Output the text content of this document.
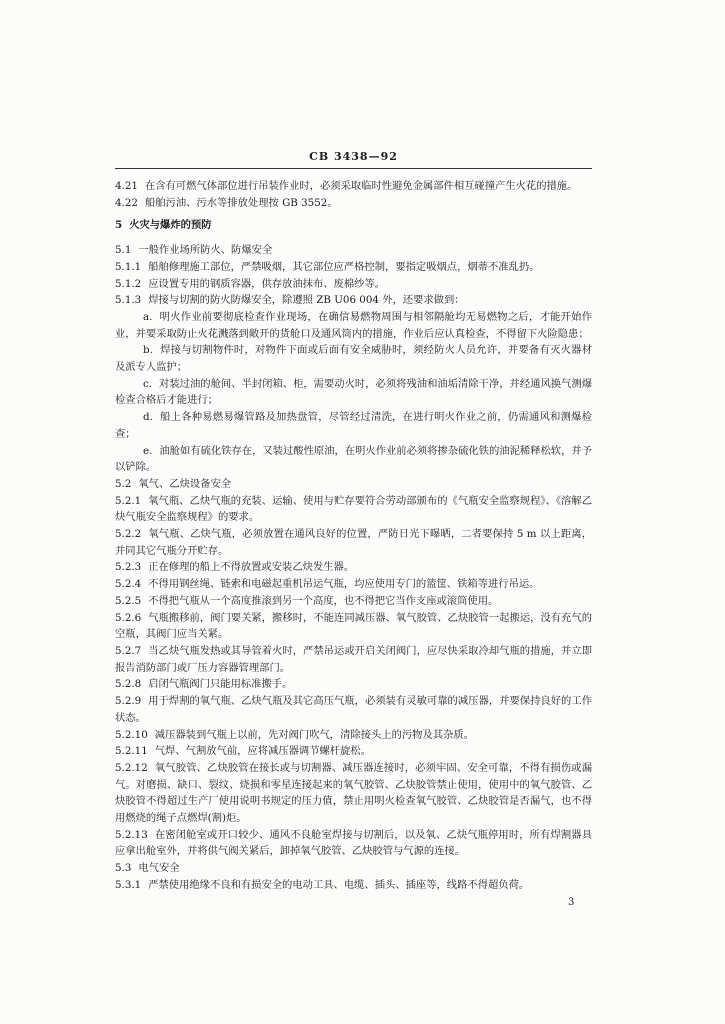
CB 3438—92

4.21 在含有可燃气体部位进行吊装作业时，必须采取临时性避免金属部件相互碰撞产生火花的措施。

4.22 船舶污油、污水等排放处理按 GB 3552。

5 火灾与爆炸的预防

5.1 一般作业场所防火、防爆安全

5.1.1 船舶修理施工部位，严禁吸烟，其它部位应严格控制，要指定吸烟点，烟蒂不准乱扔。

5.1.2 应设置专用的钢质容器，供存放油抹布、废棉纱等。

5.1.3 焊接与切割的防火防爆安全，除遵照 ZB U06 004 外，还要求做到：

a. 明火作业前要彻底检查作业现场，在确信易燃物周围与相邻隔舱均无易燃物之后，才能开始作业，并要采取防止火花溅落到敞开的货舱口及通风筒内的措施，作业后应认真检查，不得留下火险隐患；

b. 焊接与切割物件时，对物件下面或后面有安全威胁时，须经防火人员允许，并要备有灭火器材及派专人监护；

c. 对装过油的舱间、半封闭箱、柜，需要动火时，必须将残油和油垢清除干净，并经通风换气测爆检查合格后才能进行；

d. 船上各种易燃易爆管路及加热盘管，尽管经过清洗，在进行明火作业之前，仍需通风和测爆检查；

e. 油舱如有硫化铁存在，又装过酸性原油，在明火作业前必须将掺杂硫化铁的油泥稀释松软，并予以铲除。

5.2 氧气、乙炔设备安全

5.2.1 氧气瓶、乙炔气瓶的充装、运输、使用与贮存要符合劳动部颁布的《气瓶安全监察规程》、《溶解乙炔气瓶安全监察规程》的要求。

5.2.2 氧气瓶、乙炔气瓶，必须放置在通风良好的位置，严防日光下曝晒，二者要保持 5 m 以上距离，并同其它气瓶分开贮存。

5.2.3 正在修理的船上不得放置或安装乙炔发生器。

5.2.4 不得用钢丝绳、链索和电磁起重机吊运气瓶，均应使用专门的篮筐、铁箱等进行吊运。

5.2.5 不得把气瓶从一个高度推滚到另一个高度，也不得把它当作支座或滚筒使用。

5.2.6 气瓶搬移前，阀门要关紧，搬移时，不能连同减压器、氧气胶管、乙炔胶管一起搬运，没有充气的空瓶，其阀门应当关紧。

5.2.7 当乙炔气瓶发热或其导管着火时，严禁吊运或开启关闭阀门，应尽快采取冷却气瓶的措施，并立即报告消防部门或厂压力容器管理部门。

5.2.8 启闭气瓶阀门只能用标准搬手。

5.2.9 用于焊割的氧气瓶、乙炔气瓶及其它高压气瓶，必须装有灵敏可靠的减压器，并要保持良好的工作状态。

5.2.10 减压器装到气瓶上以前，先对阀门吹气，清除接头上的污物及其杂质。

5.2.11 气焊、气割放气前，应将减压器调节螺杆旋松。

5.2.12 氧气胶管、乙炔胶管在接长或与切割器、减压器连接时，必须牢固、安全可靠，不得有损伤或漏气。对磨损、缺口、裂纹、烧损和零星连接起来的氧气胶管、乙炔胶管禁止使用，使用中的氧气胶管、乙炔胶管不得超过生产厂使用说明书规定的压力值，禁止用明火检查氧气胶管、乙炔胶管是否漏气，也不得用燃烧的绳子点燃焊(割)炬。

5.2.13 在密闭舱室或开口较少、通风不良舱室焊接与切割后，以及氧、乙炔气瓶停用时，所有焊割器具应拿出舱室外，并将供气阀关紧后，卸掉氧气胶管、乙炔胶管与气源的连接。

5.3 电气安全

5.3.1 严禁使用绝缘不良和有损安全的电动工具、电缆、插头、插座等，线路不得超负荷。

3
